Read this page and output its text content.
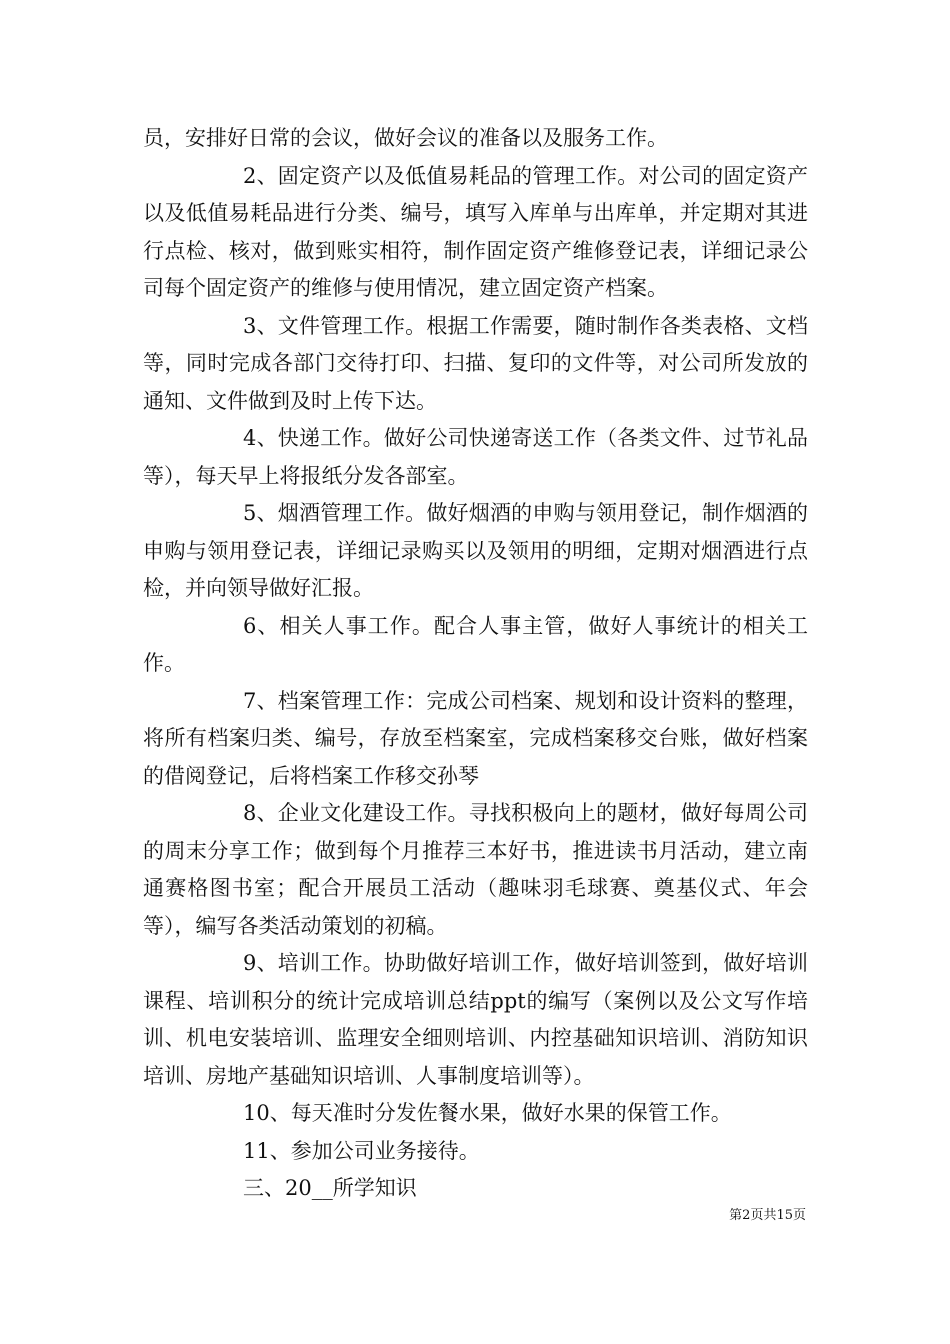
员，安排好日常的会议，做好会议的准备以及服务工作。

2、固定资产以及低值易耗品的管理工作。对公司的固定资产以及低值易耗品进行分类、编号，填写入库单与出库单，并定期对其进行点检、核对，做到账实相符，制作固定资产维修登记表，详细记录公司每个固定资产的维修与使用情况，建立固定资产档案。

3、文件管理工作。根据工作需要，随时制作各类表格、文档等，同时完成各部门交待打印、扫描、复印的文件等，对公司所发放的通知、文件做到及时上传下达。

4、快递工作。做好公司快递寄送工作（各类文件、过节礼品等），每天早上将报纸分发各部室。

5、烟酒管理工作。做好烟酒的申购与领用登记，制作烟酒的申购与领用登记表，详细记录购买以及领用的明细，定期对烟酒进行点检，并向领导做好汇报。

6、相关人事工作。配合人事主管，做好人事统计的相关工作。

7、档案管理工作：完成公司档案、规划和设计资料的整理，将所有档案归类、编号，存放至档案室，完成档案移交台账，做好档案的借阅登记，后将档案工作移交孙琴

8、企业文化建设工作。寻找积极向上的题材，做好每周公司的周末分享工作；做到每个月推荐三本好书，推进读书月活动，建立南通赛格图书室；配合开展员工活动（趣味羽毛球赛、奠基仪式、年会等），编写各类活动策划的初稿。

9、培训工作。协助做好培训工作，做好培训签到，做好培训课程、培训积分的统计完成培训总结ppt的编写（案例以及公文写作培训、机电安装培训、监理安全细则培训、内控基础知识培训、消防知识培训、房地产基础知识培训、人事制度培训等）。

10、每天准时分发佐餐水果，做好水果的保管工作。

11、参加公司业务接待。

三、20__所学知识

第2页共15页
